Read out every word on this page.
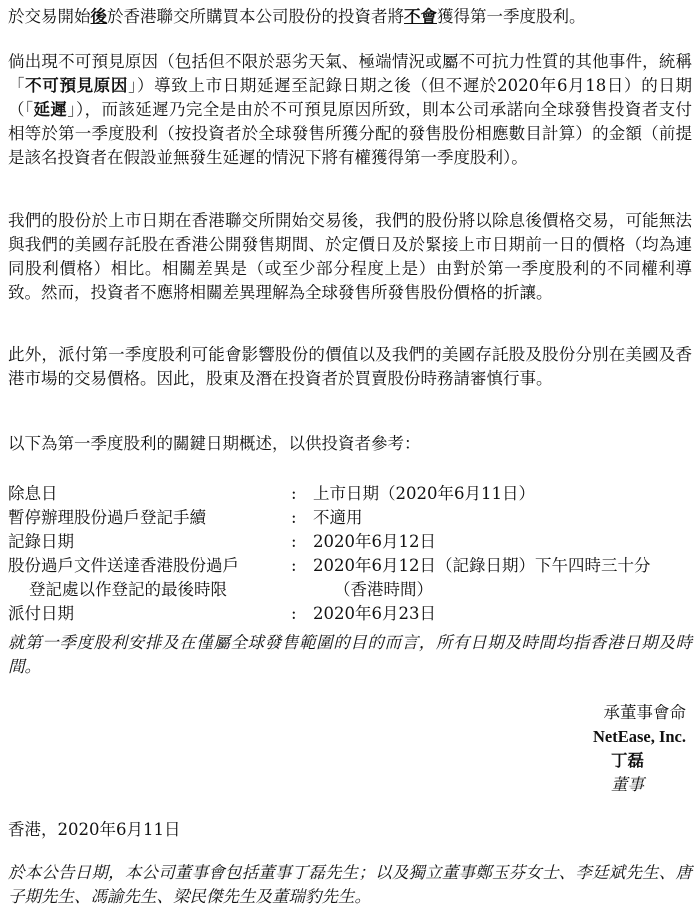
於交易開始後於香港聯交所購買本公司股份的投資者將不會獲得第一季度股利。

倘出現不可預見原因（包括但不限於惡劣天氣、極端情況或屬不可抗力性質的其他事件，統稱「不可預見原因」）導致上市日期延遲至記錄日期之後（但不遲於2020年6月18日）的日期（「延遲」），而該延遲乃完全是由於不可預見原因所致，則本公司承諾向全球發售投資者支付相等於第一季度股利（按投資者於全球發售所獲分配的發售股份相應數目計算）的金額（前提是該名投資者在假設並無發生延遲的情況下將有權獲得第一季度股利）。

我們的股份於上市日期在香港聯交所開始交易後，我們的股份將以除息後價格交易，可能無法與我們的美國存託股在香港公開發售期間、於定價日及於緊接上市日期前一日的價格（均為連同股利價格）相比。相關差異是（或至少部分程度上是）由對於第一季度股利的不同權利導致。然而，投資者不應將相關差異理解為全球發售所發售股份價格的折讓。

此外，派付第一季度股利可能會影響股份的價值以及我們的美國存託股及股份分別在美國及香港市場的交易價格。因此，股東及潛在投資者於買賣股份時務請審慎行事。

以下為第一季度股利的關鍵日期概述，以供投資者參考：

除息日	: 上市日期（2020年6月11日）
暫停辦理股份過戶登記手續	: 不適用
記錄日期	: 2020年6月12日
股份過戶文件送達香港股份過戶
登記處以作登記的最後時限
: 2020年6月12日（記錄日期）下午四時三十分
（香港時間）
派付日期	: 2020年6月23日

就第一季度股利安排及在僅屬全球發售範圍的目的而言，所有日期及時間均指香港日期及時間。

承董事會命
NetEase, Inc.
丁磊
董事
香港，2020年6月11日

於本公告日期，本公司董事會包括董事丁磊先生；以及獨立董事鄭玉芬女士、李廷斌先生、唐子期先生、馮諭先生、梁民傑先生及董瑞豹先生。
